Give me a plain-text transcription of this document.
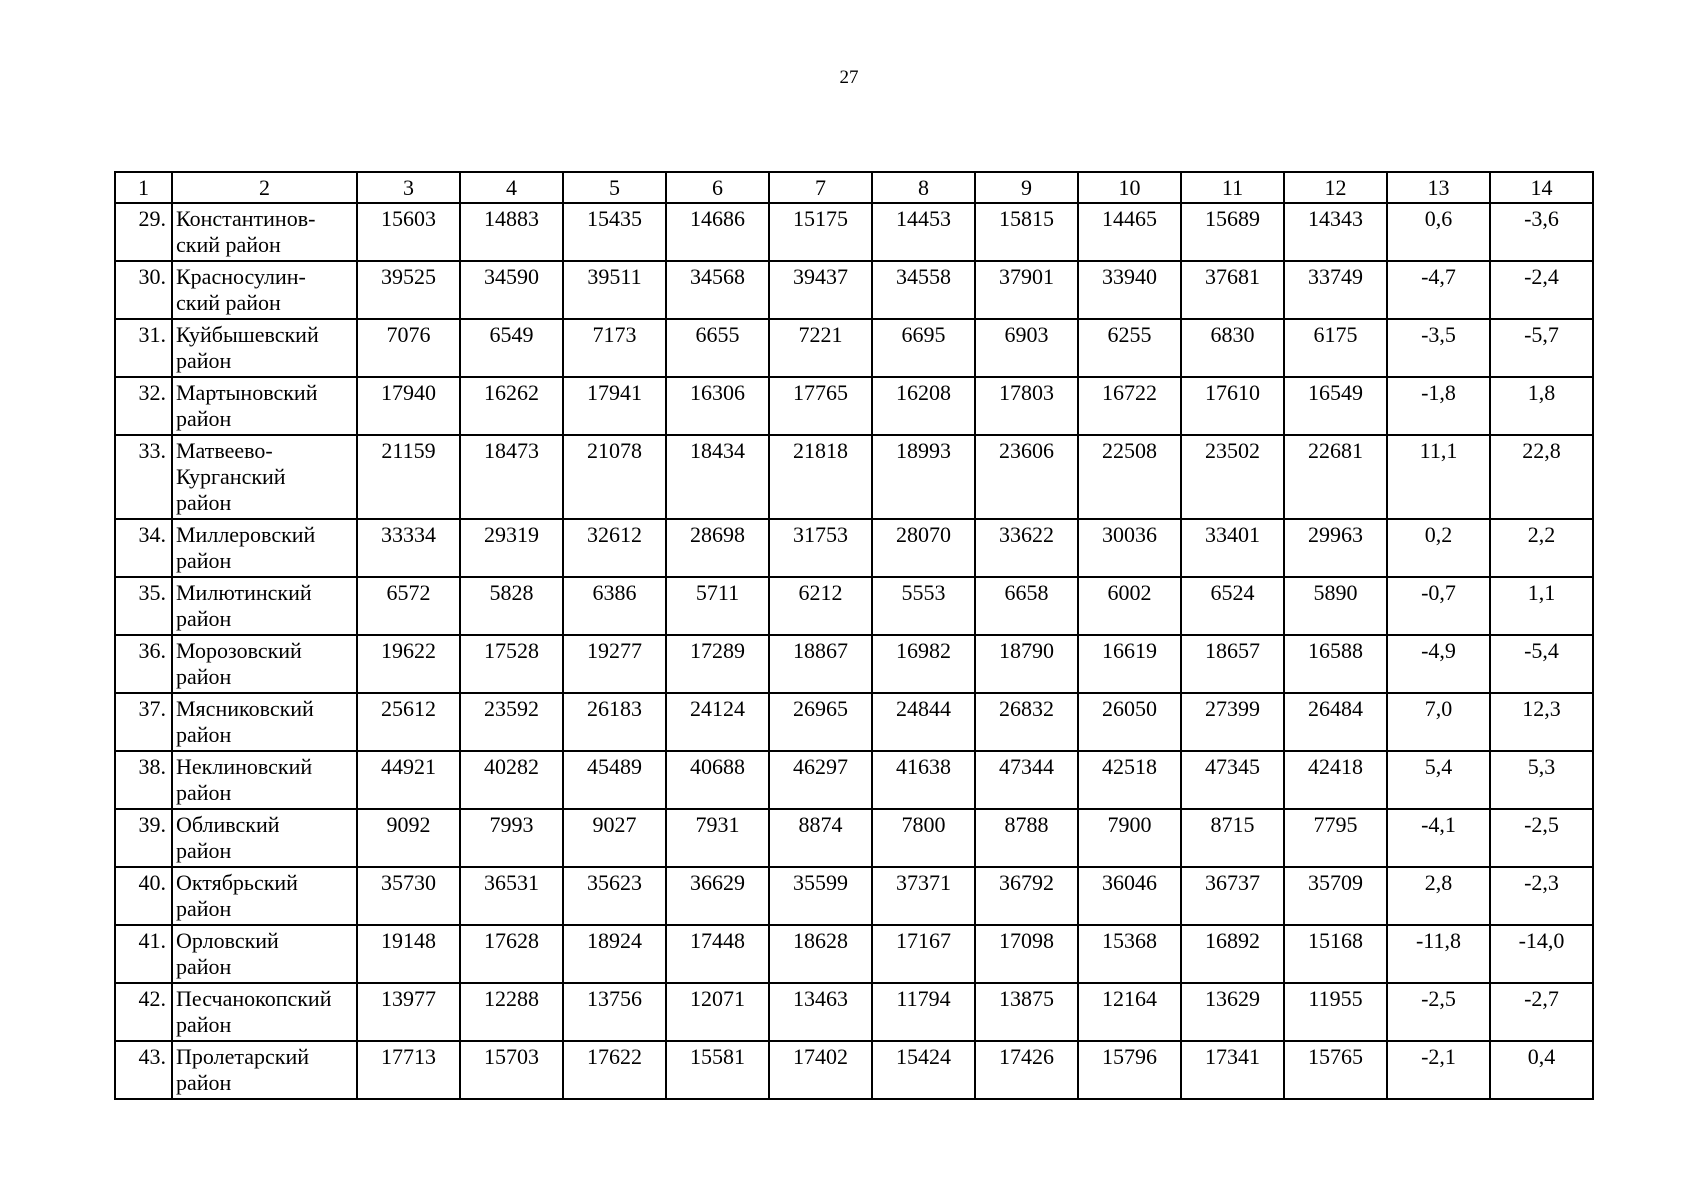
27
1	2	3	4	5	6	7	8	9	10	11	12	13	14
29.	Константинов-
ский район	15603	14883	15435	14686	15175	14453	15815	14465	15689	14343	0,6	-3,6
30.	Красносулин-
ский район	39525	34590	39511	34568	39437	34558	37901	33940	37681	33749	-4,7	-2,4
31.	Куйбышевский
район	7076	6549	7173	6655	7221	6695	6903	6255	6830	6175	-3,5	-5,7
32.	Мартыновский
район	17940	16262	17941	16306	17765	16208	17803	16722	17610	16549	-1,8	1,8
33.	Матвеево-
Курганский
район	21159	18473	21078	18434	21818	18993	23606	22508	23502	22681	11,1	22,8
34.	Миллеровский
район	33334	29319	32612	28698	31753	28070	33622	30036	33401	29963	0,2	2,2
35.	Милютинский
район	6572	5828	6386	5711	6212	5553	6658	6002	6524	5890	-0,7	1,1
36.	Морозовский
район	19622	17528	19277	17289	18867	16982	18790	16619	18657	16588	-4,9	-5,4
37.	Мясниковский
район	25612	23592	26183	24124	26965	24844	26832	26050	27399	26484	7,0	12,3
38.	Неклиновский
район	44921	40282	45489	40688	46297	41638	47344	42518	47345	42418	5,4	5,3
39.	Обливский
район	9092	7993	9027	7931	8874	7800	8788	7900	8715	7795	-4,1	-2,5
40.	Октябрьский
район	35730	36531	35623	36629	35599	37371	36792	36046	36737	35709	2,8	-2,3
41.	Орловский
район	19148	17628	18924	17448	18628	17167	17098	15368	16892	15168	-11,8	-14,0
42.	Песчанокопский
район	13977	12288	13756	12071	13463	11794	13875	12164	13629	11955	-2,5	-2,7
43.	Пролетарский
район	17713	15703	17622	15581	17402	15424	17426	15796	17341	15765	-2,1	0,4
